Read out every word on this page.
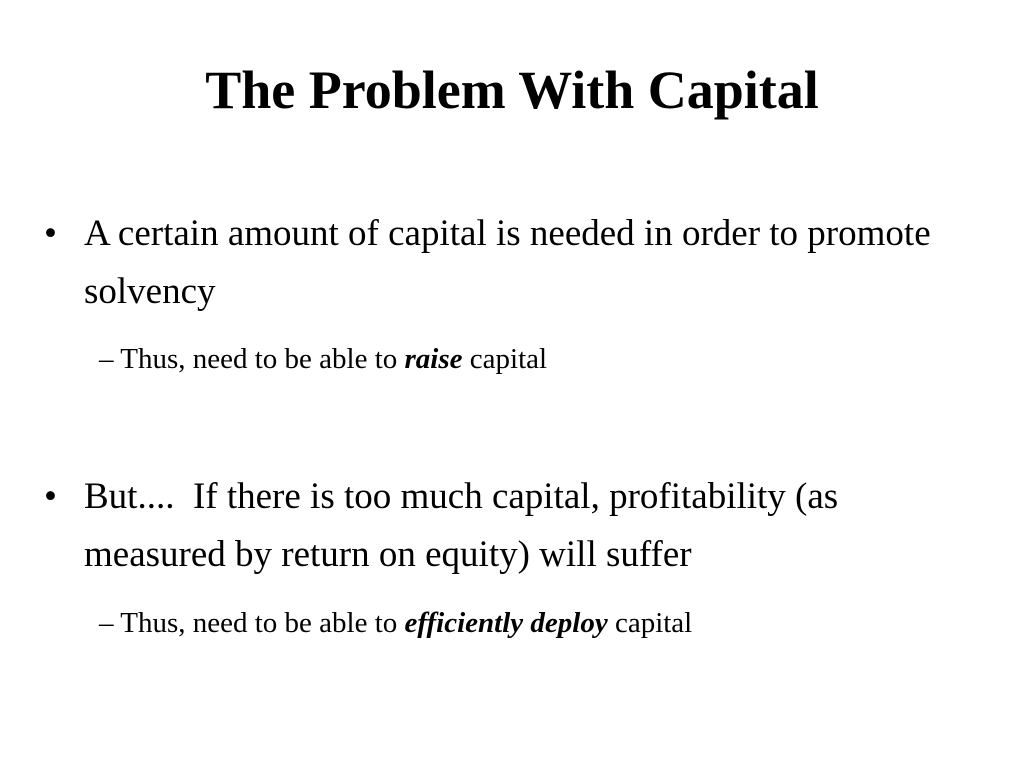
The Problem With Capital
• A certain amount of capital is needed in order to promote solvency
– Thus, need to be able to raise capital
• But....  If there is too much capital, profitability (as measured by return on equity) will suffer
– Thus, need to be able to efficiently deploy capital
